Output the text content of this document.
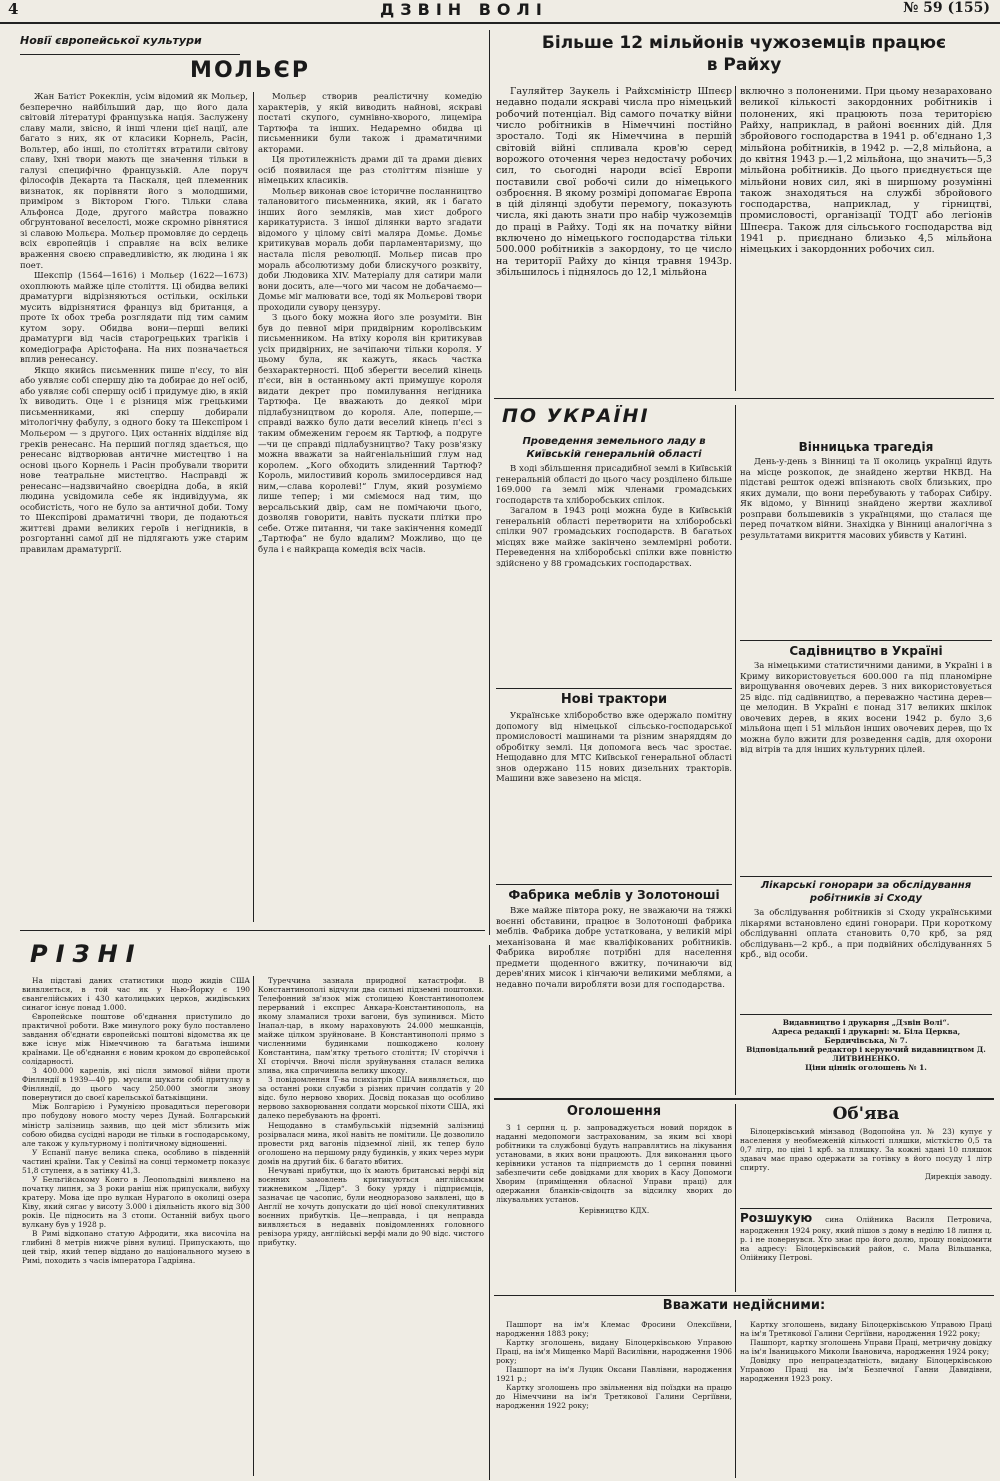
4	ДЗВІН ВОЛІ	№ 59 (155)
Новії європейської культури
МОЛЬЄР

Жан Батіст Рокеклін, усім відомий як Мольєр, безперечно найбільший дар, що його дала світовій літературі французька нація. Заслужену славу мали, звісно, й інші члени цієї нації, але багато з них, як от класики Корнель, Расін, Вольтер, або інші, по століттях втратили світову славу, їхні твори мають ще значення тільки в галузі специфічно французькій. Але поруч філософів Декарта та Паскаля, цей племенник визнаток, як порівняти його з молодшими, приміром з Віктором Гюго. Тільки слава Альфонса Доде, другого майстра поважно обгрунтованої веселості, може скромно рівнятися зі славою Мольєра. Мольєр промовляє до сердець всіх європейців і справляє на всіх велике враження своєю справедливістю, як людина і як поет.

Шекспір (1564—1616) і Мольєр (1622—1673) охоплюють майже ціле століття. Ці обидва великі драматурги відрізняються остільки, оскільки мусить відрізнятися француз від британця, а проте їх обох треба розглядати під тим самим кутом зору. Обидва вони—перші великі драматурги від часів старогрецьких трагіків і комедіографа Арістофана. На них позначається вплив ренесансу.

Якщо якийсь письменник пише п'єсу, то він або уявляє собі спершу дію та добирає до неї осіб, або уявляє собі спершу осіб і придумує дію, в якій їх виводить. Оце і є різниця між грецькими письменниками, які спершу добирали мітологічну фабулу, з одного боку та Шекспіром і Мольєром — з другого. Цих останніх відділяє від греків ренесанс. На перший погляд здається, що ренесанс відтворював античне мистецтво і на основі цього Корнель і Расін пробували творити нове театральне мистецтво. Насправді ж ренесанс—надзвичайно своєрідна доба, в якій людина усвідомила себе як індивідуума, як особистість, чого не було за античної доби. Тому то Шекспірові драматичні твори, де подаються життєві драми великих героїв і негідників, в розгортанні самої дії не підлягають уже старим правилам драматургії.

Мольєр створив реалістичну комедію характерів, у якій виводить найнові, яскраві постаті скупого, сумнівно-хворого, лицеміра Тартюфа та інших. Недаремно обидва ці письменники були також і драматичними акторами.

Ця протилежність драми дії та драми дієвих осіб появилася ще раз століттям пізніше у німецьких класиків.

Мольєр виконав своє історичне посланництво талановитого письменника, який, як і багато інших його земляків, мав хист доброго карикатуриста. З іншої ділянки варто згадати відомого у цілому світі маляра Домьє. Домьє критикував мораль доби парламентаризму, що настала після революції. Мольєр писав про мораль абсолютизму доби блискучого розквіту, доби Людовика XIV. Матеріалу для сатири мали вони досить, але—чого ми часом не добачаємо—Домьє міг малювати все, тоді як Мольєрові твори проходили сувору цензуру.

З цього боку можна його зле розуміти. Він був до певної міри придвірним королівським письменником. На втіху короля він критикував усіх придвірних, не зачіпаючи тільки короля. У цьому була, як кажуть, якась частка безхарактерності. Щоб зберегти веселий кінець п'єси, він в останньому акті примушує короля видати декрет про помилування негідника Тартюфа. Це вважають до деякої міри підлабузництвом до короля. Але, поперше,—справді важко було дати веселий кінець п'єсі з таким обмеженим героєм як Тартюф, а подруге—чи це справді підлабузництво? Таку розв'язку можна вважати за найгеніальніший глум над королем. „Кого обходить злиденний Тартюф? Король, милостивий король змилосердився над ним,—слава королеві!“ Глум, який розуміємо лише тепер; і ми сміємося над тим, що версальський двір, сам не помічаючи цього, дозволяв говорити, навіть пускати плітки про себе. Отже питання, чи таке закінчення комедії „Тартюфа“ не було вдалим? Можливо, що це була і є найкраща комедія всіх часів.

Більше 12 мільйонів чужоземців працює
в Райху

Гауляйтер Заукель і Райхсміністр Шпеєр недавно подали яскраві числа про німецький робочий потенціал. Від самого початку війни число робітників в Німеччині постійно зростало. Тоді як Німеччина в першій світовій війні спливала кров'ю серед ворожого оточення через недостачу робочих сил, то сьогодні народи всієї Европи поставили свої робочі сили до німецького озброєння. В якому розмірі допомагає Европа в цій ділянці здобути перемогу, показують числа, які дають знати про набір чужоземців до праці в Райху. Тоді як на початку війни включено до німецького господарства тільки 500.000 робітників з закордону, то це число на території Райху до кінця травня 1943р. збільшилось і піднялось до 12,1 мільйона

включно з полоненими. При цьому незараховано великої кількості закордонних робітників і полонених, які працюють поза територією Райху, наприклад, в районі воєнних дій. Для збройового господарства в 1941 р. об'єднано 1,3 мільйона робітників, в 1942 р. —2,8 мільйона, а до квітня 1943 р.—1,2 мільйона, що значить—5,3 мільйона робітників. До цього приєднується ще мільйони нових сил, які в ширшому розумінні також знаходяться на службі збройового господарства, наприклад, у гірництві, промисловості, організації ТОДТ або легіонів Шпеєра. Також для сільського господарства від 1941 р. приєднано близько 4,5 мільйона німецьких і закордонних робочих сил.

ПО УКРАЇНІ
Проведення земельного ладу в Київській генеральній області

В ході збільшення присадибної землі в Київській генеральній області до цього часу розділено більше 169.000 га землі між членами громадських господарств та хліборобських спілок.

Загалом в 1943 році можна буде в Київській генеральній області перетворити на хліборобські спілки 907 громадських господарств. В багатьох місцях вже майже закінчено землемірні роботи. Переведення на хліборобські спілки вже повністю здійснено у 88 громадських господарствах.

Нові трактори

Українське хліборобство вже одержало помітну допомогу від німецької сільсько-господарської промисловості машинами та різним знаряддям до обробітку землі. Ця допомога весь час зростає. Нещодавно для МТС Київської генеральної області знов одержано 115 нових дизельних тракторів. Машини вже завезено на місця.

Фабрика меблів у Золотоноші

Вже майже півтора року, не зважаючи на тяжкі воєнні обставини, працює в Золотоноші фабрика меблів. Фабрика добре устаткована, у великій мірі механізована й має кваліфікованих робітників. Фабрика виробляє потрібні для населення предмети щоденного вжитку, починаючи від дерев'яних мисок і кінчаючи великими меблями, а недавно почали виробляти вози для господарства.

Вінницька трагедія

День-у-день з Вінниці та її околиць українці йдуть на місце розкопок, де знайдено жертви НКВД. На підставі решток одежі впізнають своїх близьких, про яких думали, що вони перебувають у таборах Сибіру. Як відомо, у Вінниці знайдено жертви жахливої розправи большевиків з українцями, що сталася ще перед початком війни. Знахідка у Вінниці аналогічна з результатами викриття масових убивств у Катині.

Садівництво в Україні

За німецькими статистичними даними, в Україні і в Криму використовується 600.000 га під планомірне вирощування овочевих дерев. З них використовується 25 відс. під садівництво, а переважно частина дерев—це мелодин. В Україні є понад 317 великих шкілок овочевих дерев, в яких восени 1942 р. було 3,6 мільйона щеп і 51 мільйон інших овочевих дерев, що їх можна було вжити для розведення садів, для охорони від вітрів та для інших культурних цілей.

Лікарські гонорари за обслідування робітників зі Сходу

За обслідування робітників зі Сходу українськими лікарями встановлено єдині гонорари. При короткому обслідуванні оплата становить 0,70 крб, за ряд обслідувань—2 крб., а при подвійних обслідуваннях 5 крб., від особи.

Видавництво і друкарня „Дзвін Волі“.
Адреса редакції і друкарні: м. Біла Церква, Бердичівська, № 7.
Відповідальний редактор і керуючий видавництвом Д. ЛИТВИНЕНКО.
Ціни ціннік оголошень № 1.
РІЗНІ

На підставі даних статистики щодо жидів США виявляється, в той час як у Нью-Йорку є 190 євангелійських і 430 католицьких церков, жидівських синагог існує понад 1.000.

Європейське поштове об'єднання приступило до практичної роботи. Вже минулого року було поставлено завдання об'єднати європейські поштові відомства як це вже існує між Німеччиною та багатьма іншими країнами. Це об'єднання є новим кроком до європейської солідарності.

З 400.000 карелів, які після зимової війни проти Фінляндії в 1939—40 рр. мусили шукати собі притулку в Фінляндії, до цього часу 250.000 змогли знову повернутися до своєї карельської батьківщини.

Між Болгарією і Румунією провадяться переговори про побудову нового мосту через Дунай. Болгарський міністр залізниць заявив, що цей міст зблизить між собою обидва сусідні народи не тільки в господарському, але також у культурному і політичному відношенні.

У Еспанії панує велика спека, особливо в південній частині країни. Так у Севільї на сонці термометр показує 51,8 ступеня, а в затінку 41,3.

У Бельгійському Конго в Леопольдвілі виявлено на початку липня, за 3 роки раніш ніж припускали, вибуху кратеру. Мова іде про вулкан Нураголо в околиці озера Ківу, який сягає у висоту 3.000 і діяльність якого від 300 років. Це підносить на 3 стопи. Останній вибух цього вулкану був у 1928 р.

В Римі відкопано статую Афродити, яка височіла на глибині 8 метрів нижче рівня вулиці. Припускають, що цей твір, який тепер віддано до національного музею в Римі, походить з часів імператора Гадріяна.

Туреччина зазнала природної катастрофи. В Константинополі відчули два сильні підземні поштовхи. Телефонний зв'язок між столицею Константинополем перерваний і експрес Анкара-Константинополь, на якому зламалися трохи вагони, був зупинився. Місто Інапал-цар, в якому нараховують 24.000 мешканців, майже цілком зруйноване. В Константинополі прямо з численними будинками пошкоджено колону Константина, пам'ятку третього століття; IV сторіччя і XI сторіччя. Вночі після зруйнування сталася велика злива, яка спричинила велику шкоду.

З повідомлення Т-ва психіатрів США виявляється, що за останні роки служби з різних причин солдатів у 20 відс. було нервово хворих. Досвід показав що особливо нервово захворювання солдати морської піхоти США, які далеко перебувають на фронті.

Нещодавно в стамбульській підземній залізниці розірвалася мина, якої навіть не помітили. Це дозволило провести ряд вагонів підземної лінії, як тепер було оголошено на першому ряду будинків, у яких через мури домів на другий бік. 6 багато вбитих.

Нечувані прибутки, що їх мають британські верфі від воєнних замовлень критикуються англійським тижневиком „Лідер“. З боку уряду і підприємців, зазначає це часопис, були неодноразово заявлені, що в Англії не хочуть допускати до цієї нової спекулятивних воєнних прибутків. Це—неправда, і ця неправда виявляється в недавніх повідомленнях головного ревізора уряду, англійські верфі мали до 90 відс. чистого прибутку.

Оголошення

З 1 серпня ц. р. запроваджується новий порядок в наданні медопомоги застрахованим, за яким всі хворі робітники та службовці будуть направлятись на лікування установами, в яких вони працюють. Для виконання цього керівники установ та підприємств до 1 серпня повинні забезпечити себе довідками для хворих в Касу Допомоги Хворим (приміщення обласної Управи праці) для одержання бланків-свідоцтв за відсилку хворих до лікувальних установ.

Керівництво КДХ.
Об'ява

Білоцерківський мінзавод (Водопойна ул. № 23) купує у населення у необмеженій кількості пляшки, місткістю 0,5 та 0,7 літр, по ціні 1 крб. за пляшку. За кожні здані 10 пляшок здавач має право одержати за готівку в його посуду 1 літр спирту.

Дирекція заводу.

Розшукую сина Олійника Василя Петровича, народження 1924 року, який пішов з дому в неділю 18 липня ц. р. і не повернувся. Хто знає про його долю, прошу повідомити на адресу: Білоцерківський район, с. Мала Вільшанка, Олійнику Петрові.

Вважати недійсними:

Пашпорт на ім'я Клемас Фросини Олексіївни, народження 1883 року;

Картку зголошень, видану Білоцерківською Управою Праці, на ім'я Мищенко Марії Василівни, народження 1906 року;

Пашпорт на ім'я Луцик Оксани Павлівни, народження 1921 р.;

Картку зголошень про звільнення від поїздки на працю до Німеччини на ім'я Третякової Галини Сергіївни, народження 1922 року;

Картку зголошень, видану Білоцерківською Управою Праці на ім'я Третякової Галини Сергіївни, народження 1922 року;

Пашпорт, картку зголошень Управи Праці, метричну довідку на ім'я Іваницького Миколи Івановича, народження 1924 року;

Довідку про непрацездатність, видану Білоцерківською Управою Праці на ім'я Безпечної Ганни Давидівни, народження 1923 року.
